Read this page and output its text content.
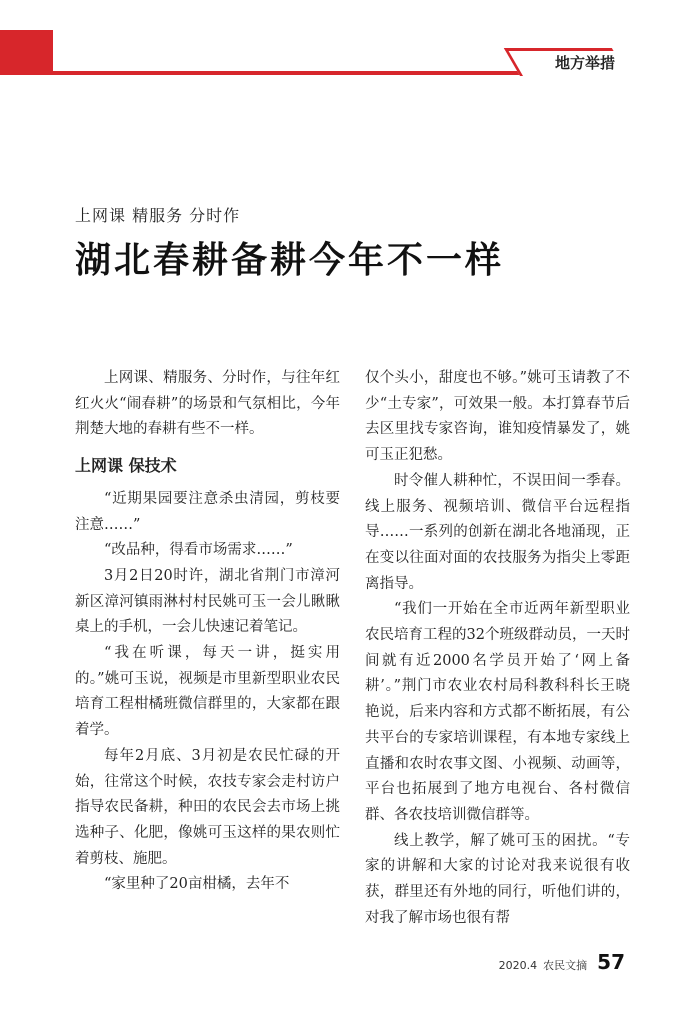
地方举措
上网课 精服务 分时作
湖北春耕备耕今年不一样

上网课、精服务、分时作，与往年红红火火“闹春耕”的场景和气氛相比，今年荆楚大地的春耕有些不一样。

上网课 保技术

“近期果园要注意杀虫清园，剪枝要注意……”

“改品种，得看市场需求……”

3月2日20时许，湖北省荆门市漳河新区漳河镇雨淋村村民姚可玉一会儿瞅瞅桌上的手机，一会儿快速记着笔记。

“我在听课，每天一讲，挺实用的。”姚可玉说，视频是市里新型职业农民培育工程柑橘班微信群里的，大家都在跟着学。

每年2月底、3月初是农民忙碌的开始，往常这个时候，农技专家会走村访户指导农民备耕，种田的农民会去市场上挑选种子、化肥，像姚可玉这样的果农则忙着剪枝、施肥。

“家里种了20亩柑橘，去年不

仅个头小，甜度也不够。”姚可玉请教了不少“土专家”，可效果一般。本打算春节后去区里找专家咨询，谁知疫情暴发了，姚可玉正犯愁。

时令催人耕种忙，不误田间一季春。线上服务、视频培训、微信平台远程指导……一系列的创新在湖北各地涌现，正在变以往面对面的农技服务为指尖上零距离指导。

“我们一开始在全市近两年新型职业农民培育工程的32个班级群动员，一天时间就有近2000名学员开始了‘网上备耕’。”荆门市农业农村局科教科科长王晓艳说，后来内容和方式都不断拓展，有公共平台的专家培训课程，有本地专家线上直播和农时农事文图、小视频、动画等，平台也拓展到了地方电视台、各村微信群、各农技培训微信群等。

线上教学，解了姚可玉的困扰。“专家的讲解和大家的讨论对我来说很有收获，群里还有外地的同行，听他们讲的，对我了解市场也很有帮

2020.4 农民文摘 57
